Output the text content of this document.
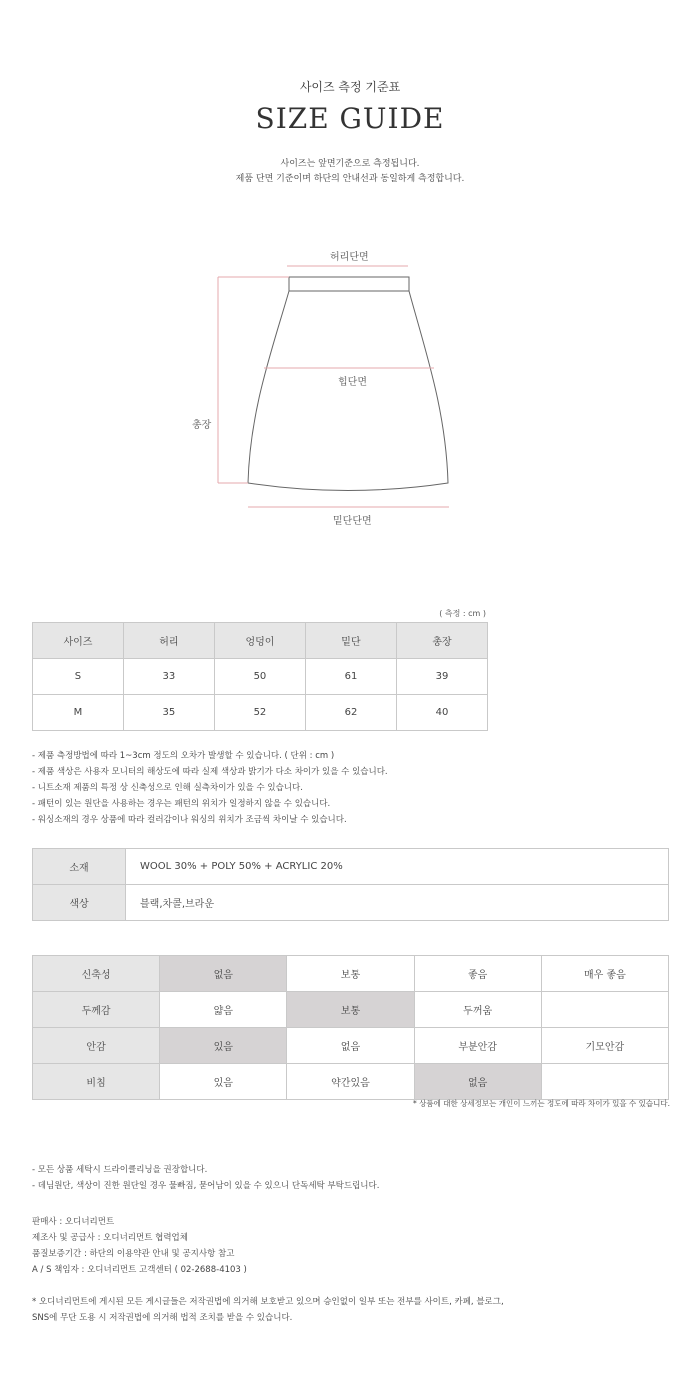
사이즈 측정 기준표
SIZE GUIDE
사이즈는 앞면기준으로 측정됩니다.
제품 단면 기준이며 하단의 안내선과 동일하게 측정합니다.
허리단면
힙단면
총장
밑단단면
( 측정 : cm )
사이즈	허리	엉덩이	밑단	총장
S	33	50	61	39
M	35	52	62	40
- 제품 측정방법에 따라 1~3cm 정도의 오차가 발생할 수 있습니다. ( 단위 : cm )
- 제품 색상은 사용자 모니터의 해상도에 따라 실제 색상과 밝기가 다소 차이가 있을 수 있습니다.
- 니트소재 제품의 특정 상 신축성으로 인해 실측차이가 있을 수 있습니다.
- 패턴이 있는 원단을 사용하는 경우는 패턴의 위치가 일정하지 않을 수 있습니다.
- 워싱소재의 경우 상품에 따라 컬러감이나 워싱의 위치가 조금씩 차이날 수 있습니다.
소재	WOOL 30% + POLY 50% + ACRYLIC 20%
색상	블랙,차콜,브라운
신축성	없음	보통	좋음	매우 좋음
두께감	얇음	보통	두꺼움	
안감	있음	없음	부분안감	기모안감
비침	있음	약간있음	없음	
* 상품에 대한 상세정보는 개인이 느끼는 정도에 따라 차이가 있을 수 있습니다.
- 모든 상품 세탁시 드라이클리닝을 권장합니다.
- 데님원단, 색상이 진한 원단일 경우 물빠짐, 묻어남이 있을 수 있으니 단독세탁 부탁드립니다.
판매사 : 오디너리먼트
제조사 및 공급사 : 오디너리먼트 협력업체
품질보증기간 : 하단의 이용약관 안내 및 공지사항 참고
A / S 책임자 : 오디너리먼트 고객센터 ( 02-2688-4103 )
* 오디너리먼트에 게시된 모든 게시글들은 저작권법에 의거해 보호받고 있으며 승인없이 일부 또는 전부를 사이트, 카페, 블로그,
SNS에 무단 도용 시 저작권법에 의거해 법적 조치를 받을 수 있습니다.
